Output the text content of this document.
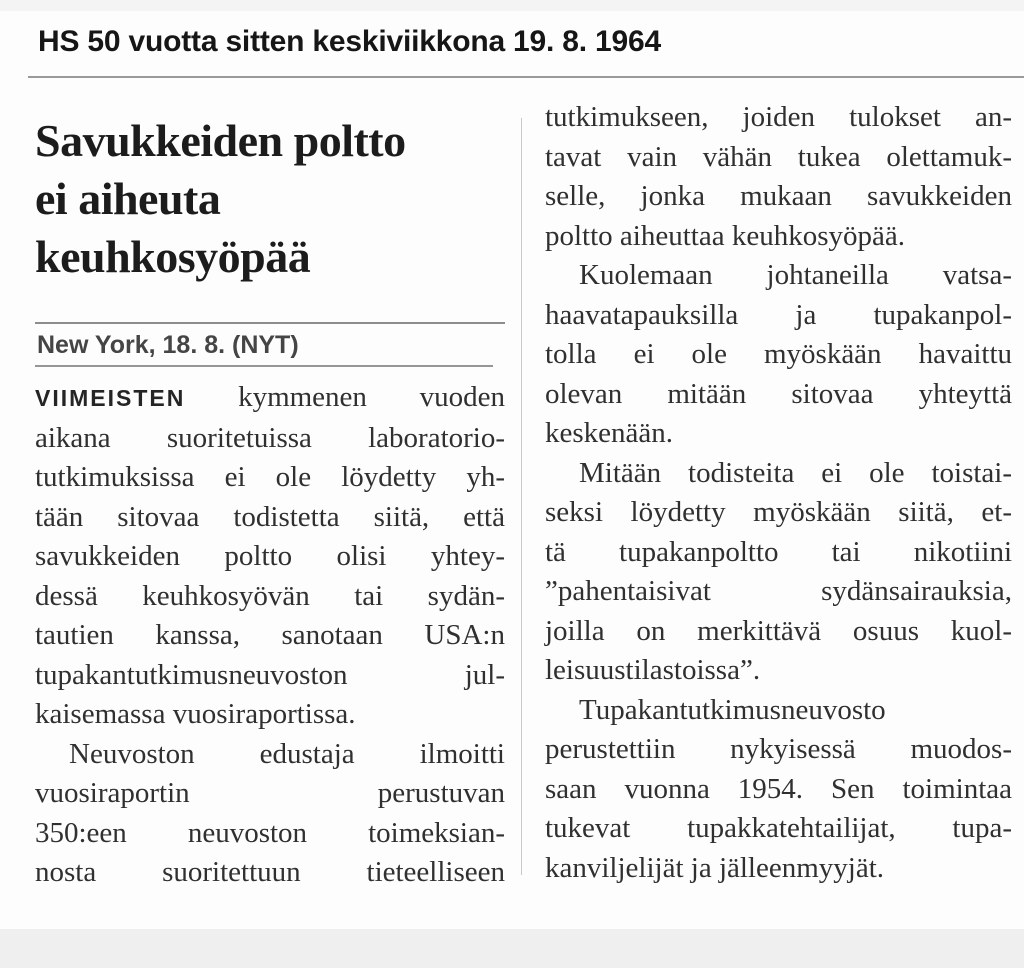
HS 50 vuotta sitten keskiviikkona 19. 8. 1964
Savukkeiden poltto
ei aiheuta
keuhkosyöpää
New York, 18. 8. (NYT)
VIIMEISTEN kymmenen vuoden
aikana suoritetuissa laboratorio-
tutkimuksissa ei ole löydetty yh-
tään sitovaa todistetta siitä, että
savukkeiden poltto olisi yhtey-
dessä keuhkosyövän tai sydän-
tautien kanssa, sanotaan USA:n
tupakantutkimusneuvoston jul-
kaisemassa vuosiraportissa.
Neuvoston edustaja ilmoitti
vuosiraportin perustuvan
350:een neuvoston toimeksian-
nosta suoritettuun tieteelliseen
tutkimukseen, joiden tulokset an-
tavat vain vähän tukea olettamuk-
selle, jonka mukaan savukkeiden
poltto aiheuttaa keuhkosyöpää.
Kuolemaan johtaneilla vatsa-
haavatapauksilla ja tupakanpol-
tolla ei ole myöskään havaittu
olevan mitään sitovaa yhteyttä
keskenään.
Mitään todisteita ei ole toistai-
seksi löydetty myöskään siitä, et-
tä tupakanpoltto tai nikotiini
”pahentaisivat sydänsairauksia,
joilla on merkittävä osuus kuol-
leisuustilastoissa”.
Tupakantutkimusneuvosto
perustettiin nykyisessä muodos-
saan vuonna 1954. Sen toimintaa
tukevat tupakkatehtailijat, tupa-
kanviljelijät ja jälleenmyyjät.
